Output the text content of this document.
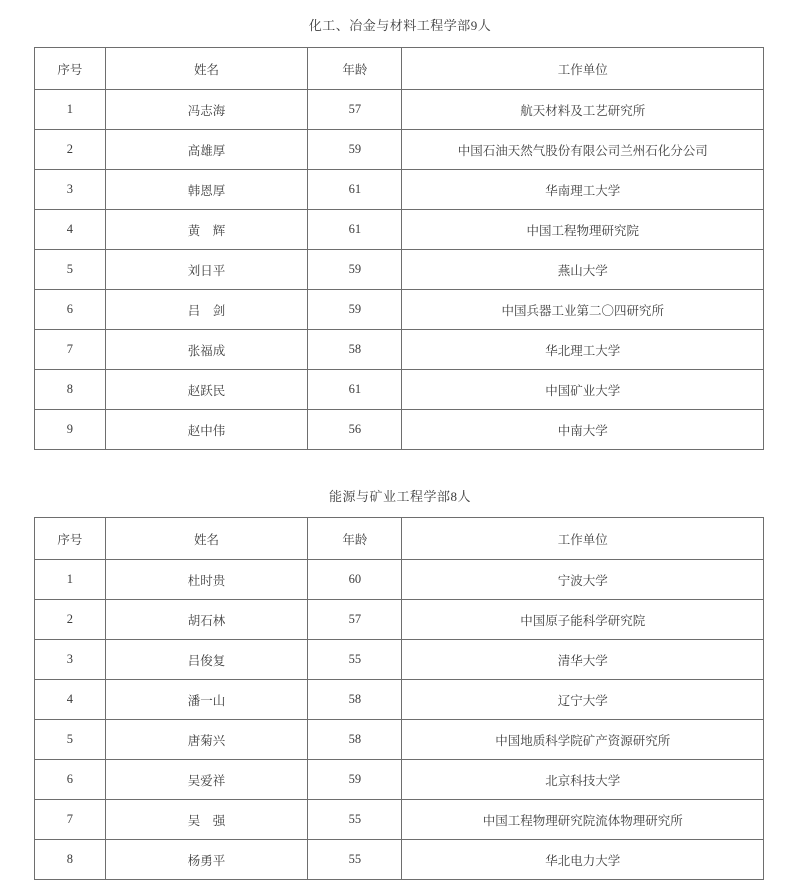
化工、冶金与材料工程学部9人
序号	姓名	年龄	工作单位
1	冯志海	57	航天材料及工艺研究所
2	高雄厚	59	中国石油天然气股份有限公司兰州石化分公司
3	韩恩厚	61	华南理工大学
4	黄　辉	61	中国工程物理研究院
5	刘日平	59	燕山大学
6	吕　剑	59	中国兵器工业第二〇四研究所
7	张福成	58	华北理工大学
8	赵跃民	61	中国矿业大学
9	赵中伟	56	中南大学
能源与矿业工程学部8人
序号	姓名	年龄	工作单位
1	杜时贵	60	宁波大学
2	胡石林	57	中国原子能科学研究院
3	吕俊复	55	清华大学
4	潘一山	58	辽宁大学
5	唐菊兴	58	中国地质科学院矿产资源研究所
6	吴爱祥	59	北京科技大学
7	吴　强	55	中国工程物理研究院流体物理研究所
8	杨勇平	55	华北电力大学
